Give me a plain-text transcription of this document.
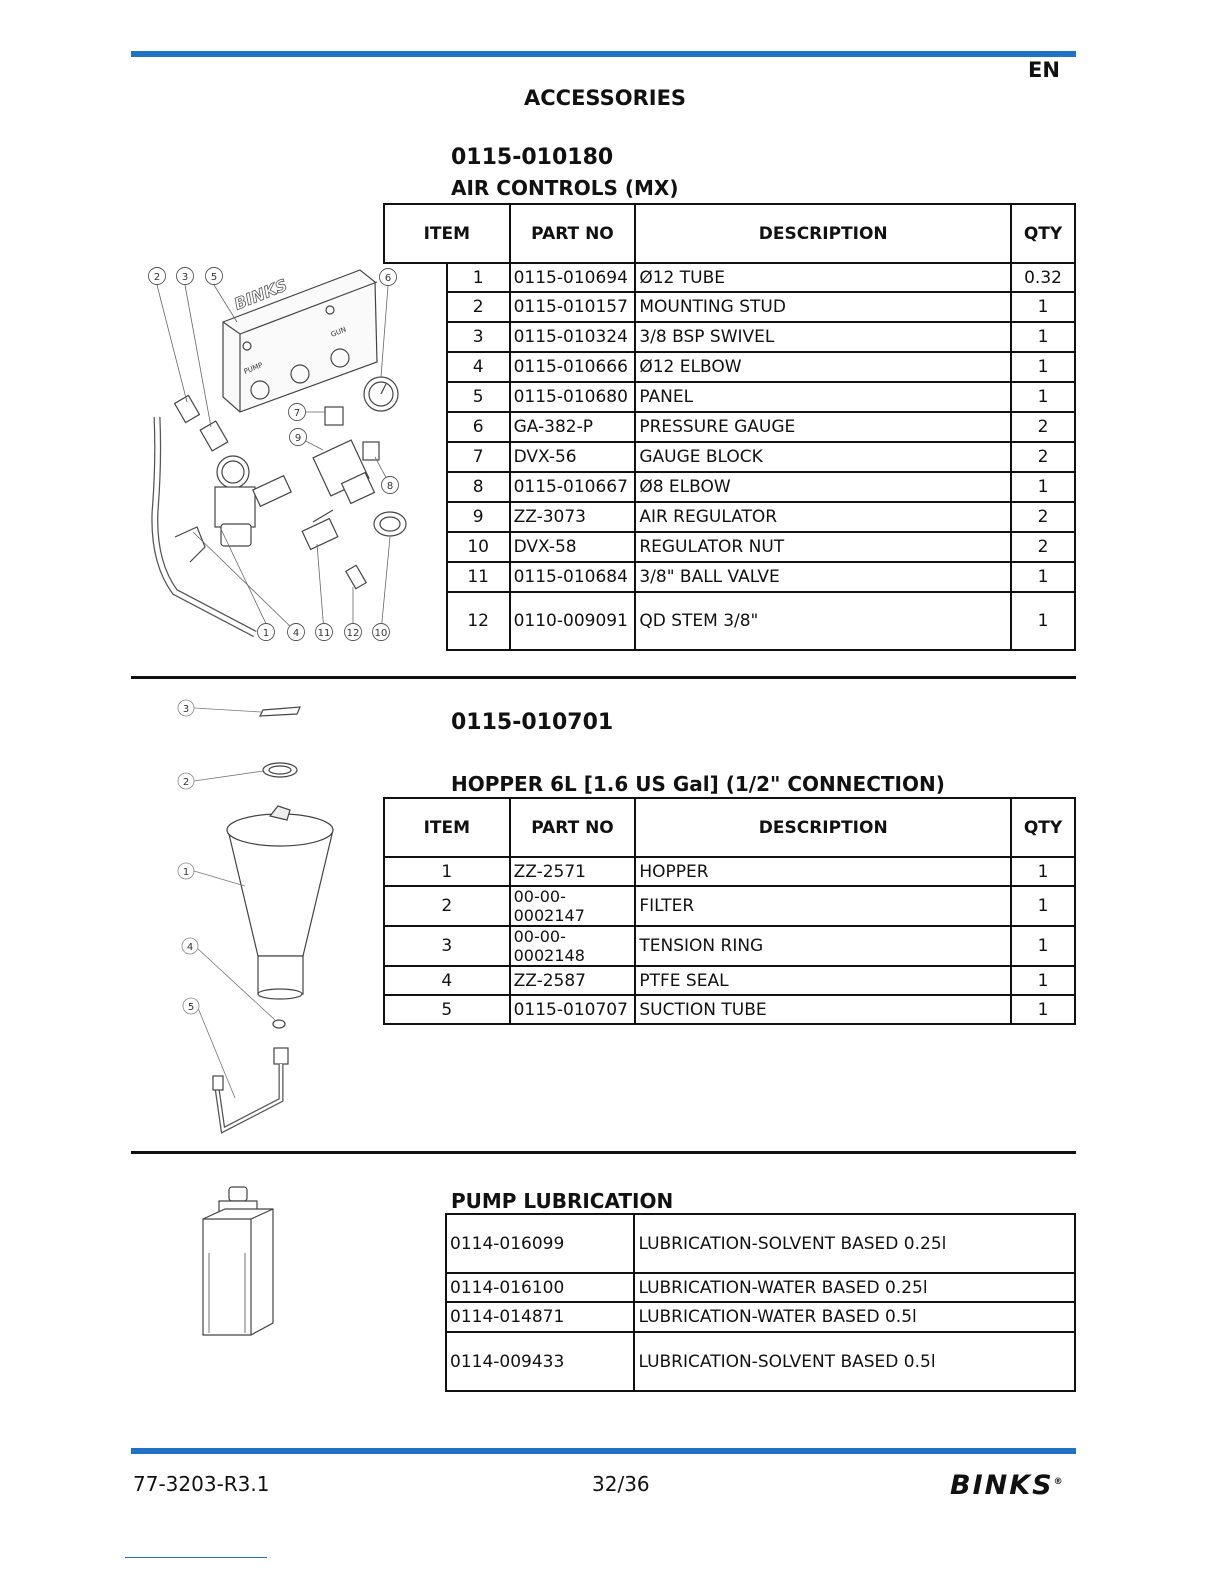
EN
ACCESSORIES
0115-010180
AIR CONTROLS (MX)
ITEM		PART NO	DESCRIPTION	QTY
	1	0115-010694	Ø12 TUBE	0.32
	2	0115-010157	MOUNTING STUD	1
	3	0115-010324	3/8 BSP SWIVEL	1
	4	0115-010666	Ø12 ELBOW	1
	5	0115-010680	PANEL	1
	6	GA-382-P	PRESSURE GAUGE	2
	7	DVX-56	GAUGE BLOCK	2
	8	0115-010667	Ø8 ELBOW	1
	9	ZZ-3073	AIR REGULATOR	2
	10	DVX-58	REGULATOR NUT	2
	11	0115-010684	3/8" BALL VALVE	1
	12	0110-009091	QD STEM 3/8"	1
BINKS
PUMP
GUN
2 3 5	6
7
9
8
1 4 11 12 10
0115-010701
HOPPER 6L [1.6 US Gal] (1/2" CONNECTION)
ITEM	PART NO	DESCRIPTION	QTY
1	ZZ-2571	HOPPER	1
2	00-00-0002147	FILTER	1
3	00-00-0002148	TENSION RING	1
4	ZZ-2587	PTFE SEAL	1
5	0115-010707	SUCTION TUBE	1
3
2
1
4
5
PUMP LUBRICATION
0114-016099	LUBRICATION-SOLVENT BASED 0.25l
0114-016100	LUBRICATION-WATER BASED 0.25l
0114-014871	LUBRICATION-WATER BASED 0.5l
0114-009433	LUBRICATION-SOLVENT BASED 0.5l
77-3203-R3.1	32/36	BINKS®
